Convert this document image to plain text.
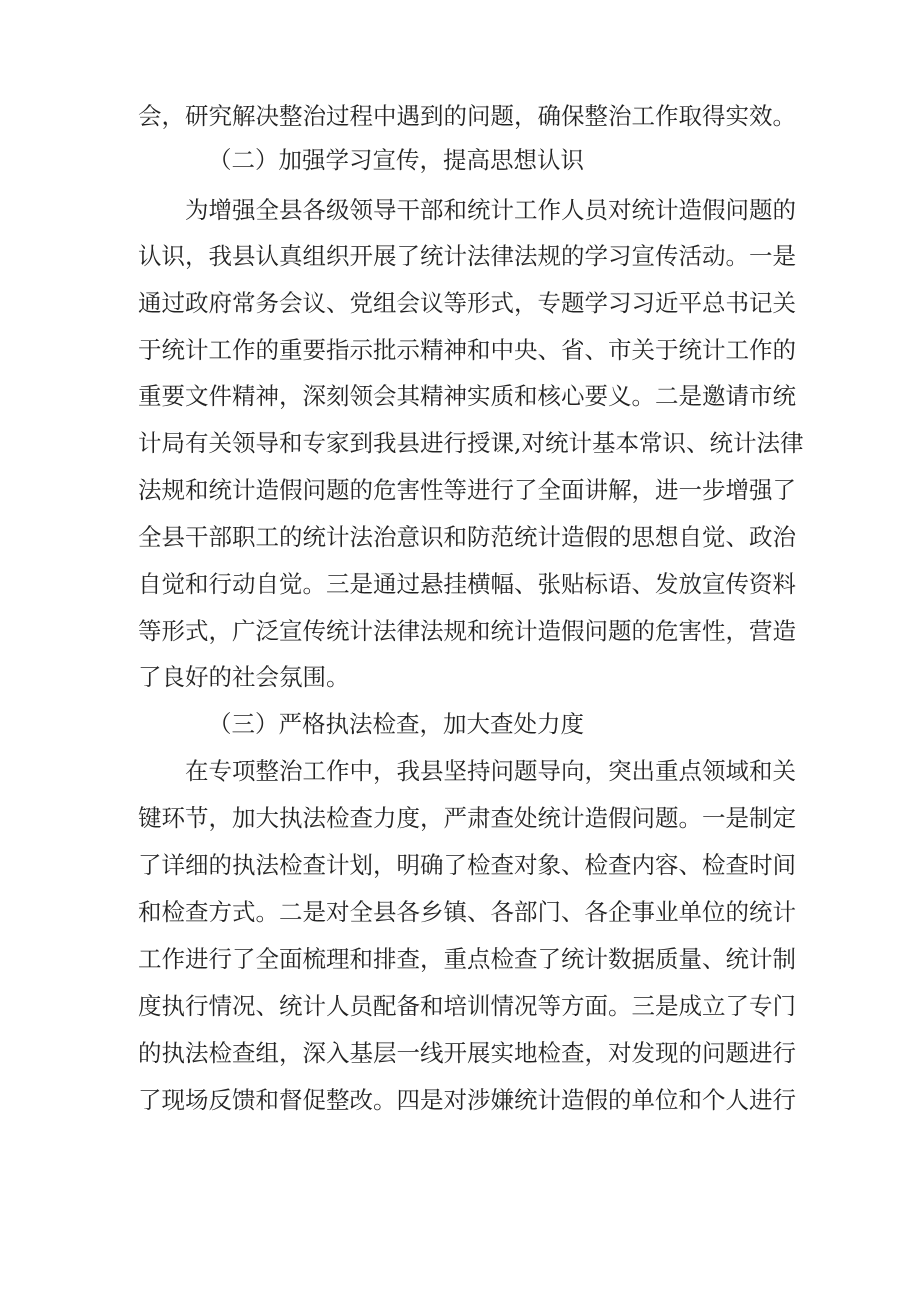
会，研究解决整治过程中遇到的问题，确保整治工作取得实效。
（二）加强学习宣传，提高思想认识
为增强全县各级领导干部和统计工作人员对统计造假问题的
认识，我县认真组织开展了统计法律法规的学习宣传活动。一是
通过政府常务会议、党组会议等形式，专题学习习近平总书记关
于统计工作的重要指示批示精神和中央、省、市关于统计工作的
重要文件精神，深刻领会其精神实质和核心要义。二是邀请市统
计局有关领导和专家到我县进行授课,对统计基本常识、统计法律
法规和统计造假问题的危害性等进行了全面讲解，进一步增强了
全县干部职工的统计法治意识和防范统计造假的思想自觉、政治
自觉和行动自觉。三是通过悬挂横幅、张贴标语、发放宣传资料
等形式，广泛宣传统计法律法规和统计造假问题的危害性，营造
了良好的社会氛围。
（三）严格执法检查，加大查处力度
在专项整治工作中，我县坚持问题导向，突出重点领域和关
键环节，加大执法检查力度，严肃查处统计造假问题。一是制定
了详细的执法检查计划，明确了检查对象、检查内容、检查时间
和检查方式。二是对全县各乡镇、各部门、各企事业单位的统计
工作进行了全面梳理和排查，重点检查了统计数据质量、统计制
度执行情况、统计人员配备和培训情况等方面。三是成立了专门
的执法检查组，深入基层一线开展实地检查，对发现的问题进行
了现场反馈和督促整改。四是对涉嫌统计造假的单位和个人进行
